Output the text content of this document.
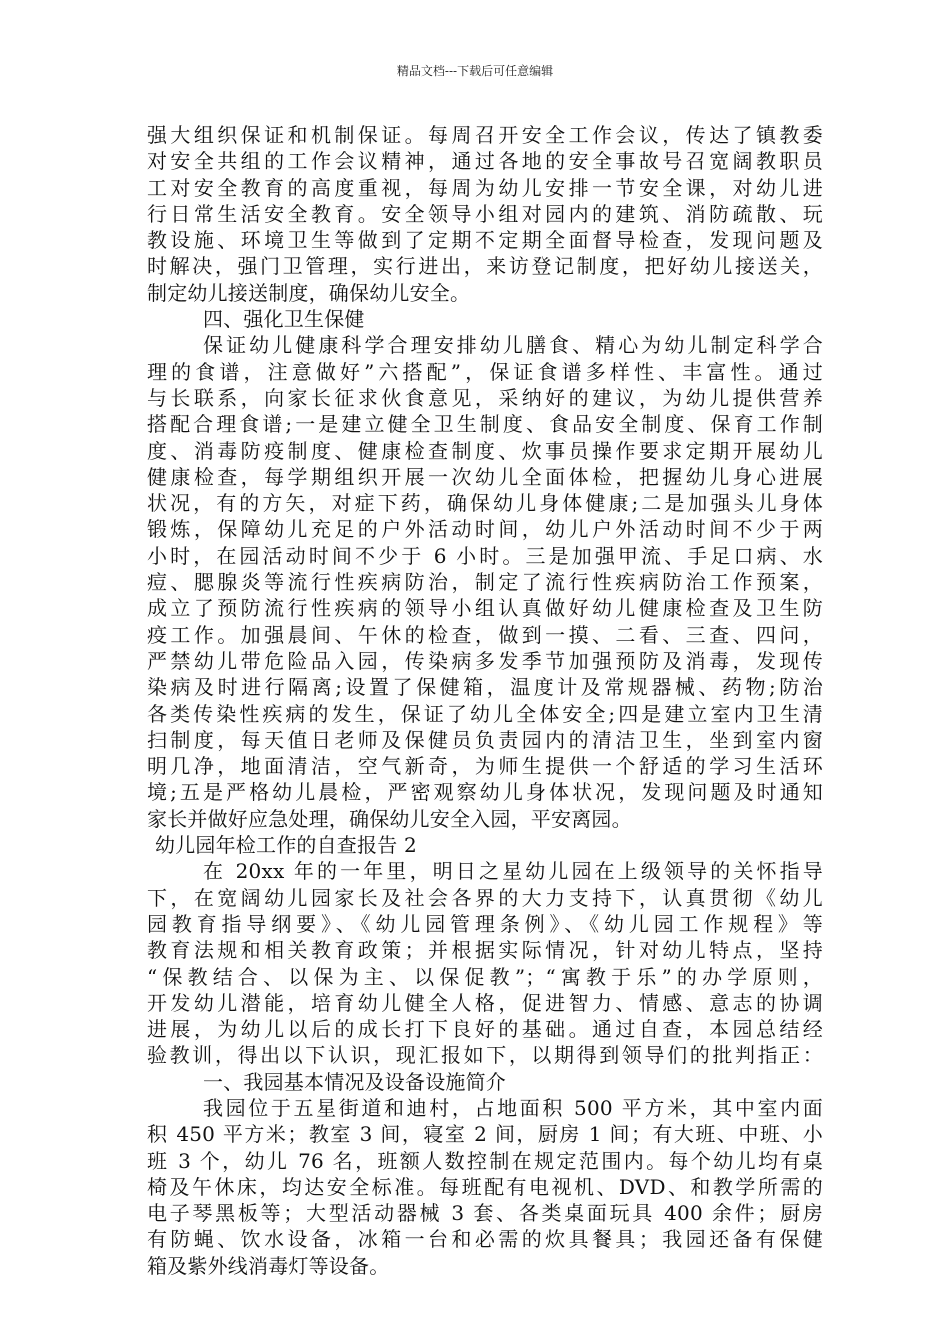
精品文档---下载后可任意编辑
强大组织保证和机制保证。每周召开安全工作会议，传达了镇教委
对安全共组的工作会议精神，通过各地的安全事故号召宽阔教职员
工对安全教育的高度重视，每周为幼儿安排一节安全课，对幼儿进
行日常生活安全教育。安全领导小组对园内的建筑、消防疏散、玩
教设施、环境卫生等做到了定期不定期全面督导检查，发现问题及
时解决，强门卫管理，实行进出，来访登记制度，把好幼儿接送关，
制定幼儿接送制度，确保幼儿安全。
四、强化卫生保健
保证幼儿健康科学合理安排幼儿膳食、精心为幼儿制定科学合
理的食谱，注意做好”六搭配”，保证食谱多样性、丰富性。通过
与长联系，向家长征求伙食意见，采纳好的建议，为幼儿提供营养
搭配合理食谱;一是建立健全卫生制度、食品安全制度、保育工作制
度、消毒防疫制度、健康检查制度、炊事员操作要求定期开展幼儿
健康检查，每学期组织开展一次幼儿全面体检，把握幼儿身心进展
状况，有的方矢，对症下药，确保幼儿身体健康;二是加强头儿身体
锻炼，保障幼儿充足的户外活动时间，幼儿户外活动时间不少于两
小时，在园活动时间不少于 6 小时。三是加强甲流、手足口病、水
痘、腮腺炎等流行性疾病防治，制定了流行性疾病防治工作预案，
成立了预防流行性疾病的领导小组认真做好幼儿健康检查及卫生防
疫工作。加强晨间、午休的检查，做到一摸、二看、三查、四问，
严禁幼儿带危险品入园，传染病多发季节加强预防及消毒，发现传
染病及时进行隔离;设置了保健箱，温度计及常规器械、药物;防治
各类传染性疾病的发生，保证了幼儿全体安全;四是建立室内卫生清
扫制度，每天值日老师及保健员负责园内的清洁卫生，坐到室内窗
明几净，地面清洁，空气新奇，为师生提供一个舒适的学习生活环
境;五是严格幼儿晨检，严密观察幼儿身体状况，发现问题及时通知
家长并做好应急处理，确保幼儿安全入园，平安离园。
幼儿园年检工作的自查报告 2
在 20xx 年的一年里，明日之星幼儿园在上级领导的关怀指导
下，在宽阔幼儿园家长及社会各界的大力支持下，认真贯彻《幼儿
园教育指导纲要》、《幼儿园管理条例》、《幼儿园工作规程》等
教育法规和相关教育政策；并根据实际情况，针对幼儿特点，坚持
“保教结合、以保为主、以保促教”；“寓教于乐”的办学原则，
开发幼儿潜能，培育幼儿健全人格，促进智力、情感、意志的协调
进展，为幼儿以后的成长打下良好的基础。通过自查，本园总结经
验教训，得出以下认识，现汇报如下，以期得到领导们的批判指正：
一、我园基本情况及设备设施简介
我园位于五星街道和迪村，占地面积 500 平方米，其中室内面
积 450 平方米；教室 3 间，寝室 2 间，厨房 1 间；有大班、中班、小
班 3 个，幼儿 76 名，班额人数控制在规定范围内。每个幼儿均有桌
椅及午休床，均达安全标准。每班配有电视机、DVD、和教学所需的
电子琴黑板等；大型活动器械 3 套、各类桌面玩具 400 余件；厨房
有防蝇、饮水设备，冰箱一台和必需的炊具餐具；我园还备有保健
箱及紫外线消毒灯等设备。
